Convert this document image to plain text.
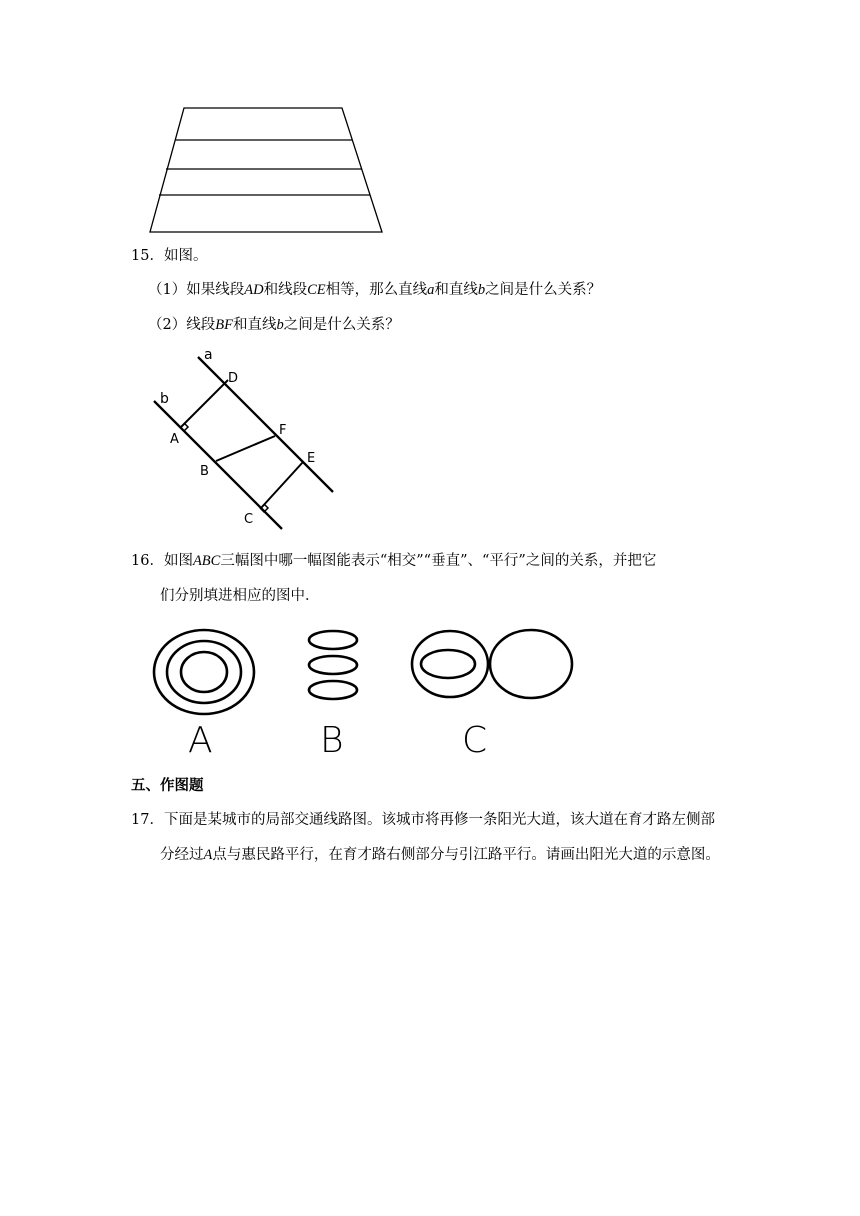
15．如图。
（1）如果线段AD和线段CE相等，那么直线a和直线b之间是什么关系？
（2）线段BF和直线b之间是什么关系？
a
b
D
A
F
B
E
C
16．如图ABC三幅图中哪一幅图能表示“相交”“垂直”、“平行”之间的关系，并把它
们分别填进相应的图中．
A	B	C
五、作图题
17．下面是某城市的局部交通线路图。该城市将再修一条阳光大道，该大道在育才路左侧部
分经过A点与惠民路平行，在育才路右侧部分与引江路平行。请画出阳光大道的示意图。
